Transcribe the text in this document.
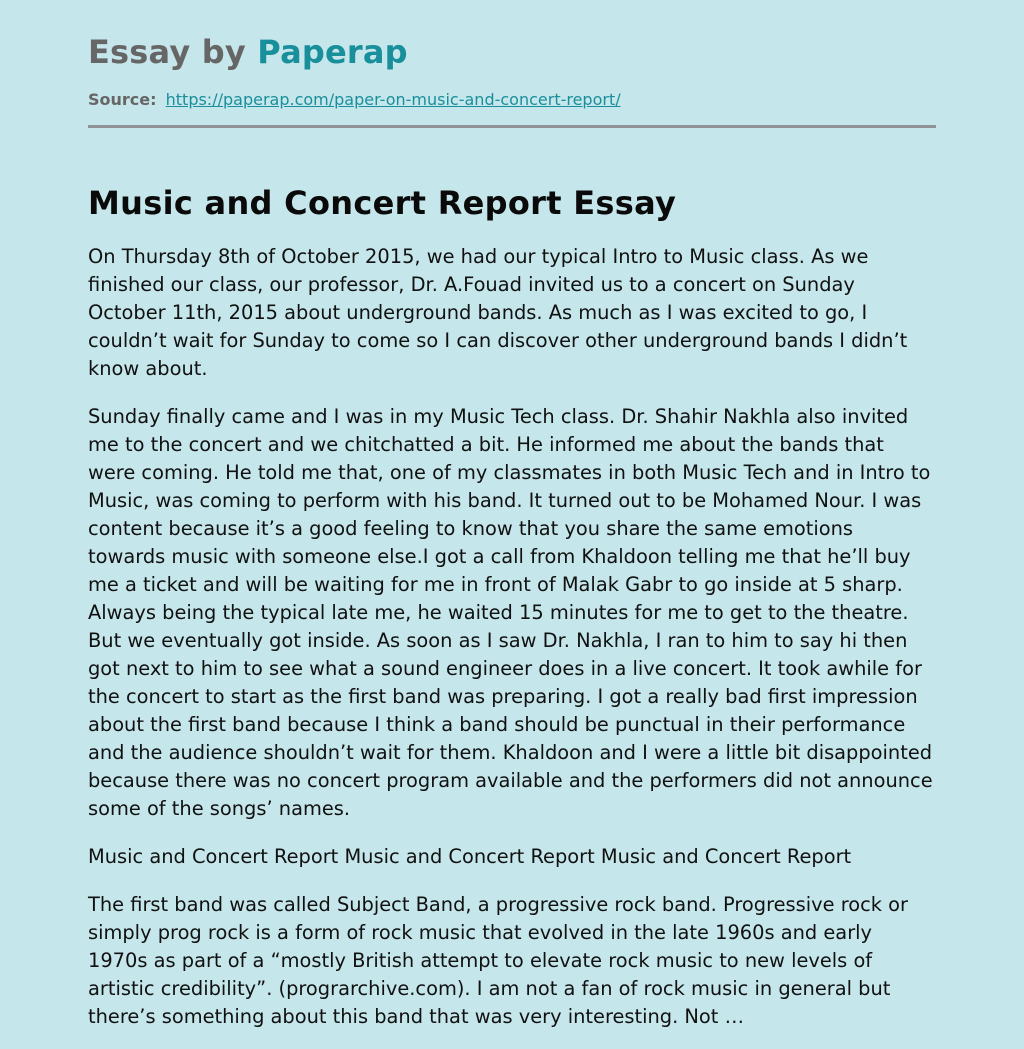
Essay by Paperap
Source: https://paperap.com/paper-on-music-and-concert-report/
Music and Concert Report Essay

On Thursday 8th of October 2015, we had our typical Intro to Music class. As we finished our class, our professor, Dr. A.Fouad invited us to a concert on Sunday October 11th, 2015 about underground bands. As much as I was excited to go, I couldn’t wait for Sunday to come so I can discover other underground bands I didn’t know about.

Sunday finally came and I was in my Music Tech class. Dr. Shahir Nakhla also invited me to the concert and we chitchatted a bit. He informed me about the bands that were coming. He told me that, one of my classmates in both Music Tech and in Intro to Music, was coming to perform with his band. It turned out to be Mohamed Nour. I was content because it’s a good feeling to know that you share the same emotions towards music with someone else.I got a call from Khaldoon telling me that he’ll buy me a ticket and will be waiting for me in front of Malak Gabr to go inside at 5 sharp. Always being the typical late me, he waited 15 minutes for me to get to the theatre. But we eventually got inside. As soon as I saw Dr. Nakhla, I ran to him to say hi then got next to him to see what a sound engineer does in a live concert. It took awhile for the concert to start as the first band was preparing. I got a really bad first impression about the first band because I think a band should be punctual in their performance and the audience shouldn’t wait for them. Khaldoon and I were a little bit disappointed because there was no concert program available and the performers did not announce some of the songs’ names.

Music and Concert Report Music and Concert Report Music and Concert Report

The first band was called Subject Band, a progressive rock band. Progressive rock or simply prog rock is a form of rock music that evolved in the late 1960s and early 1970s as part of a “mostly British attempt to elevate rock music to new levels of artistic credibility”. (prograrchive.com). I am not a fan of rock music in general but there’s something about this band that was very interesting. Not …
